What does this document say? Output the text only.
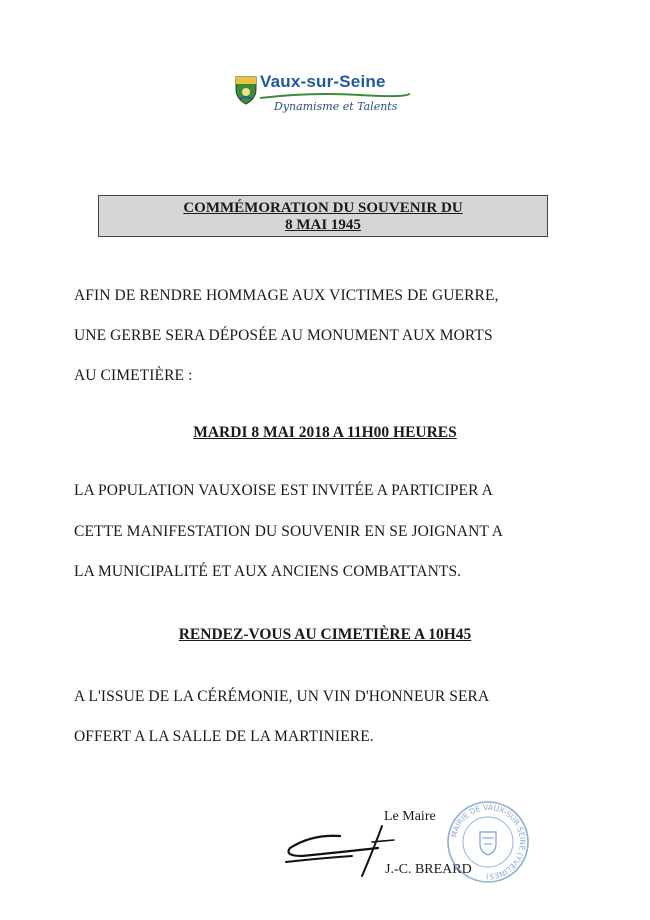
Vaux-sur-Seine
Dynamisme et Talents
COMMÉMORATION DU SOUVENIR DU
8 MAI 1945
AFIN DE RENDRE HOMMAGE AUX VICTIMES DE GUERRE,
UNE GERBE SERA DÉPOSÉE AU MONUMENT AUX MORTS
AU CIMETIÈRE :
MARDI 8 MAI 2018 A 11H00 HEURES
LA POPULATION VAUXOISE EST INVITÉE A PARTICIPER A
CETTE MANIFESTATION DU SOUVENIR EN SE JOIGNANT A
LA MUNICIPALITÉ ET AUX ANCIENS COMBATTANTS.
RENDEZ-VOUS AU CIMETIÈRE A 10H45
A L'ISSUE DE LA CÉRÉMONIE, UN VIN D'HONNEUR SERA
OFFERT A LA SALLE DE LA MARTINIERE.
Le Maire
J.-C. BREARD
MAIRIE DE VAUX-SUR-SEINE (YVELINES)
